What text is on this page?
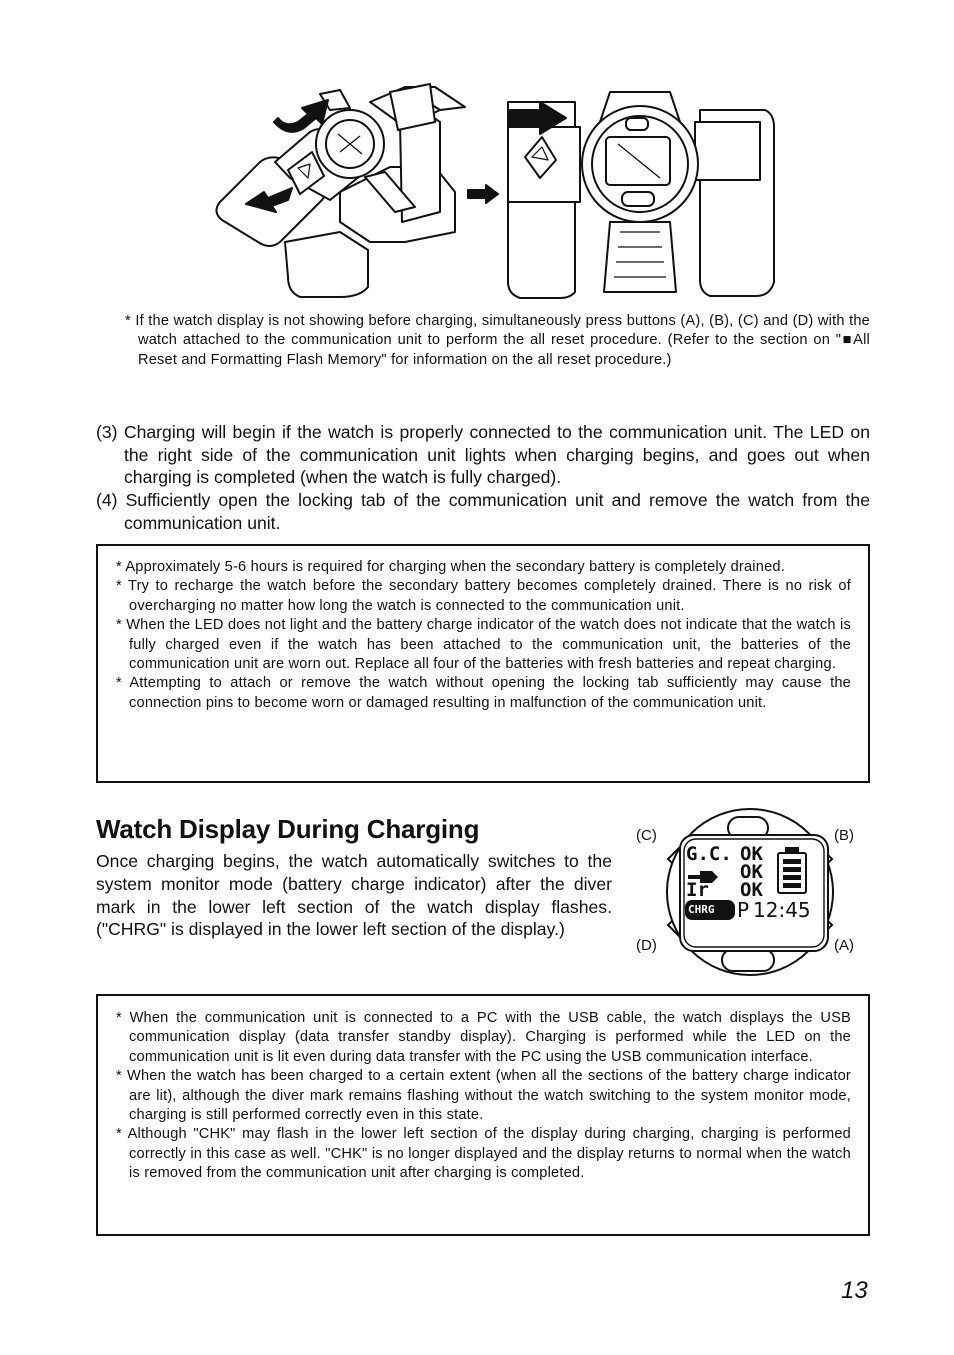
* If the watch display is not showing before charging, simultaneously press buttons (A), (B), (C) and (D) with the watch attached to the communication unit to perform the all reset procedure. (Refer to the section on "■All Reset and Formatting Flash Memory" for information on the all reset procedure.)

(3) Charging will begin if the watch is properly connected to the communication unit. The LED on the right side of the communication unit lights when charging begins, and goes out when charging is completed (when the watch is fully charged).

(4) Sufficiently open the locking tab of the communication unit and remove the watch from the communication unit.

* Approximately 5-6 hours is required for charging when the secondary battery is completely drained.

* Try to recharge the watch before the secondary battery becomes completely drained. There is no risk of overcharging no matter how long the watch is connected to the communication unit.

* When the LED does not light and the battery charge indicator of the watch does not indicate that the watch is fully charged even if the watch has been attached to the communication unit, the batteries of the communication unit are worn out. Replace all four of the batteries with fresh batteries and repeat charging.

* Attempting to attach or remove the watch without opening the locking tab sufficiently may cause the connection pins to become worn or damaged resulting in malfunction of the communication unit.

Watch Display During Charging

Once charging begins, the watch automatically switches to the system monitor mode (battery charge indicator) after the diver mark in the lower left section of the watch display flashes. ("CHRG" is displayed in the lower left section of the display.)

G.C. OK
OK
Ir OK
CHRG P 12:45
(C)	(B)
(D)	(A)

* When the communication unit is connected to a PC with the USB cable, the watch displays the USB communication display (data transfer standby display). Charging is performed while the LED on the communication unit is lit even during data transfer with the PC using the USB communication interface.

* When the watch has been charged to a certain extent (when all the sections of the battery charge indicator are lit), although the diver mark remains flashing without the watch switching to the system monitor mode, charging is still performed correctly even in this state.

* Although "CHK" may flash in the lower left section of the display during charging, charging is performed correctly in this case as well. "CHK" is no longer displayed and the display returns to normal when the watch is removed from the communication unit after charging is completed.

13
